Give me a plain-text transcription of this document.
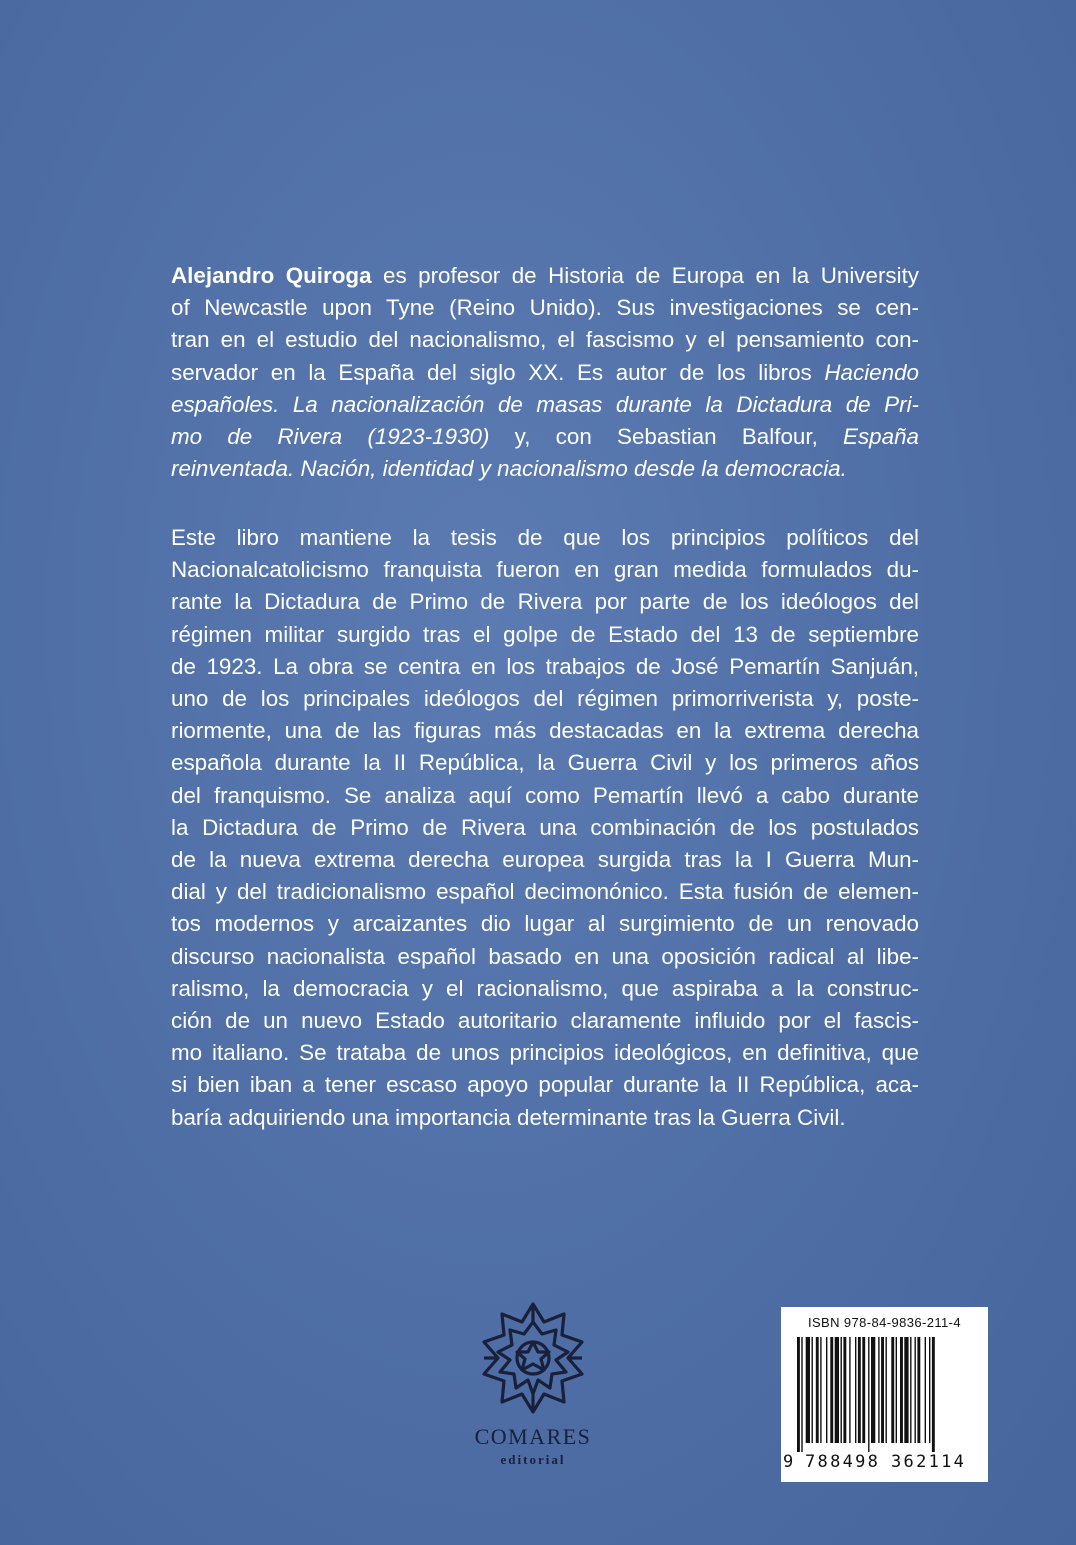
Alejandro Quiroga es profesor de Historia de Europa en la University
of Newcastle upon Tyne (Reino Unido). Sus investigaciones se cen-
tran en el estudio del nacionalismo, el fascismo y el pensamiento con-
servador en la España del siglo XX. Es autor de los libros Haciendo
españoles. La nacionalización de masas durante la Dictadura de Pri-
mo de Rivera (1923-1930) y, con Sebastian Balfour, España
reinventada. Nación, identidad y nacionalismo desde la democracia.
Este libro mantiene la tesis de que los principios políticos del
Nacionalcatolicismo franquista fueron en gran medida formulados du-
rante la Dictadura de Primo de Rivera por parte de los ideólogos del
régimen militar surgido tras el golpe de Estado del 13 de septiembre
de 1923. La obra se centra en los trabajos de José Pemartín Sanjuán,
uno de los principales ideólogos del régimen primorriverista y, poste-
riormente, una de las figuras más destacadas en la extrema derecha
española durante la II República, la Guerra Civil y los primeros años
del franquismo. Se analiza aquí como Pemartín llevó a cabo durante
la Dictadura de Primo de Rivera una combinación de los postulados
de la nueva extrema derecha europea surgida tras la I Guerra Mun-
dial y del tradicionalismo español decimonónico. Esta fusión de elemen-
tos modernos y arcaizantes dio lugar al surgimiento de un renovado
discurso nacionalista español basado en una oposición radical al libe-
ralismo, la democracia y el racionalismo, que aspiraba a la construc-
ción de un nuevo Estado autoritario claramente influido por el fascis-
mo italiano. Se trataba de unos principios ideológicos, en definitiva, que
si bien iban a tener escaso apoyo popular durante la II República, aca-
baría adquiriendo una importancia determinante tras la Guerra Civil.
COMARES
editorial
ISBN 978-84-9836-211-4
9 788498 362114
